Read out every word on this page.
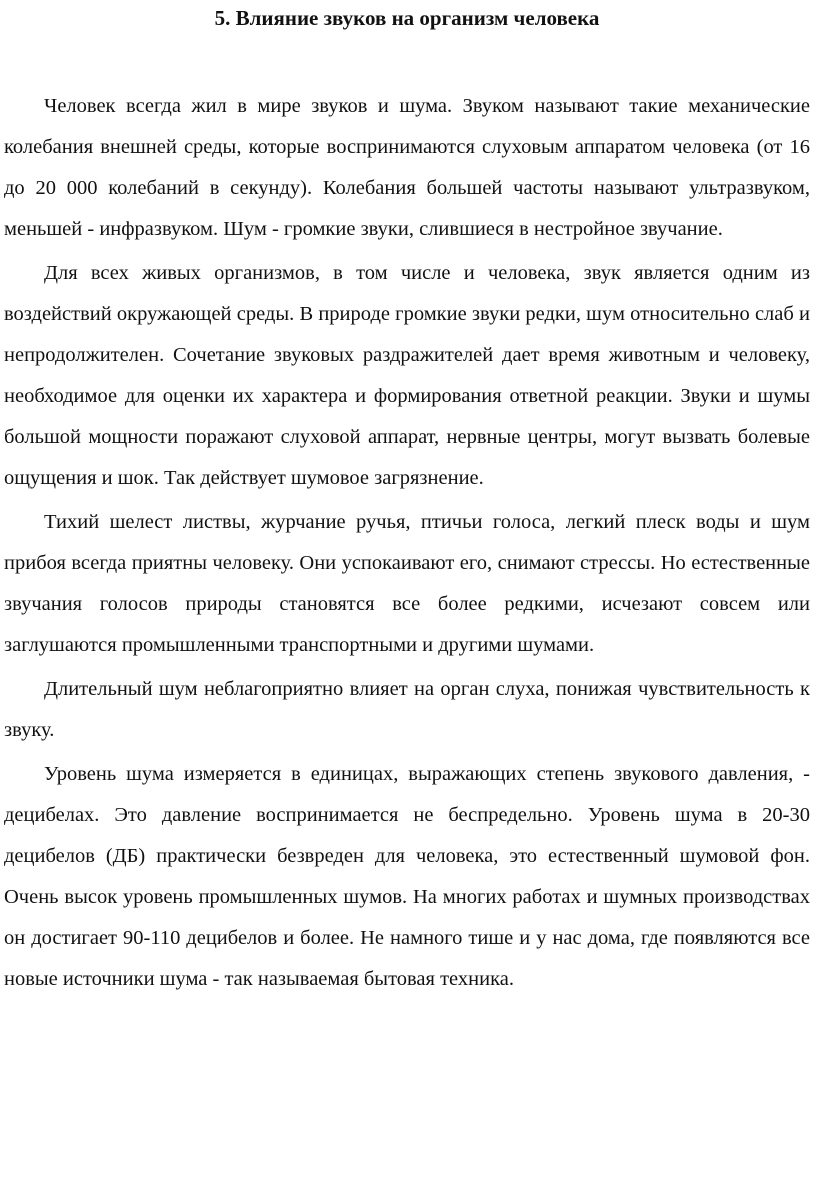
5. Влияние звуков на организм человека

Человек всегда жил в мире звуков и шума. Звуком называют такие механические колебания внешней среды, которые воспринимаются слуховым аппаратом человека (от 16 до 20 000 колебаний в секунду). Колебания большей частоты называют ультразвуком, меньшей - инфразвуком. Шум - громкие звуки, слившиеся в нестройное звучание.

Для всех живых организмов, в том числе и человека, звук является одним из воздействий окружающей среды. В природе громкие звуки редки, шум относительно слаб и непродолжителен. Сочетание звуковых раздражителей дает время животным и человеку, необходимое для оценки их характера и формирования ответной реакции. Звуки и шумы большой мощности поражают слуховой аппарат, нервные центры, могут вызвать болевые ощущения и шок. Так действует шумовое загрязнение.

Тихий шелест листвы, журчание ручья, птичьи голоса, легкий плеск воды и шум прибоя всегда приятны человеку. Они успокаивают его, снимают стрессы. Но естественные звучания голосов природы становятся все более редкими, исчезают совсем или заглушаются промышленными транспортными и другими шумами.

Длительный шум неблагоприятно влияет на орган слуха, понижая чувствительность к звуку.

Уровень шума измеряется в единицах, выражающих степень звукового давления, - децибелах. Это давление воспринимается не беспредельно. Уровень шума в 20-30 децибелов (ДБ) практически безвреден для человека, это естественный шумовой фон. Очень высок уровень промышленных шумов. На многих работах и шумных производствах он достигает 90-110 децибелов и более. Не намного тише и у нас дома, где появляются все новые источники шума - так называемая бытовая техника.
